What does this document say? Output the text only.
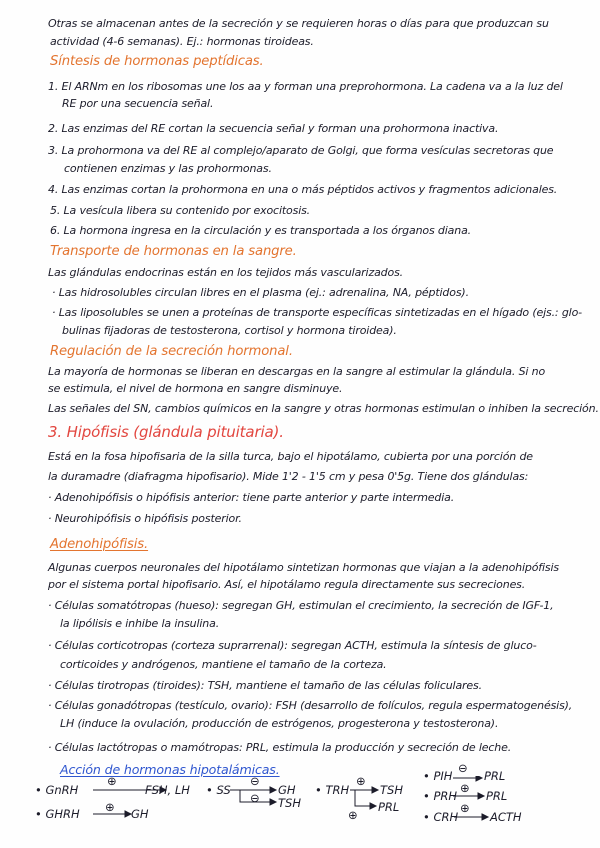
Otras se almacenan antes de la secreción y se requieren horas o días para que produzcan su
actividad (4-6 semanas). Ej.: hormonas tiroideas.
Síntesis de hormonas peptídicas.
1. El ARNm en los ribosomas une los aa y forman una preprohormona. La cadena va a la luz del
RE por una secuencia señal.
2. Las enzimas del RE cortan la secuencia señal y forman una prohormona inactiva.
3. La prohormona va del RE al complejo/aparato de Golgi, que forma vesículas secretoras que
contienen enzimas y las prohormonas.
4. Las enzimas cortan la prohormona en una o más péptidos activos y fragmentos adicionales.
5. La vesícula libera su contenido por exocitosis.
6. La hormona ingresa en la circulación y es transportada a los órganos diana.
Transporte de hormonas en la sangre.
Las glándulas endocrinas están en los tejidos más vascularizados.
· Las hidrosolubles circulan libres en el plasma (ej.: adrenalina, NA, péptidos).
· Las liposolubles se unen a proteínas de transporte específicas sintetizadas en el hígado (ejs.: glo-
bulinas fijadoras de testosterona, cortisol y hormona tiroidea).
Regulación de la secreción hormonal.
La mayoría de hormonas se liberan en descargas en la sangre al estimular la glándula. Si no
se estimula, el nivel de hormona en sangre disminuye.
Las señales del SN, cambios químicos en la sangre y otras hormonas estimulan o inhiben la secreción.
3. Hipófisis (glándula pituitaria).
Está en la fosa hipofisaria de la silla turca, bajo el hipotálamo, cubierta por una porción de
la duramadre (diafragma hipofisario). Mide 1'2 - 1'5 cm y pesa 0'5g. Tiene dos glándulas:
· Adenohipófisis o hipófisis anterior: tiene parte anterior y parte intermedia.
· Neurohipófisis o hipófisis posterior.
Adenohipófisis.
Algunas cuerpos neuronales del hipotálamo sintetizan hormonas que viajan a la adenohipófisis
por el sistema portal hipofisario. Así, el hipotálamo regula directamente sus secreciones.
· Células somatótropas (hueso): segregan GH, estimulan el crecimiento, la secreción de IGF-1,
la lipólisis e inhibe la insulina.
· Células corticotropas (corteza suprarrenal): segregan ACTH, estimula la síntesis de gluco-
corticoides y andrógenos, mantiene el tamaño de la corteza.
· Células tirotropas (tiroides): TSH, mantiene el tamaño de las células foliculares.
· Células gonadótropas (testículo, ovario): FSH (desarrollo de folículos, regula espermatogenésis),
LH (induce la ovulación, producción de estrógenos, progesterona y testosterona).
· Células lactótropas o mamótropas: PRL, estimula la producción y secreción de leche.
Acción de hormonas hipotalámicas.
• GnRH
⊕
FSH, LH
• GHRH ⊕ GH
• SS
⊖
GH
⊖ TSH
• TRH
⊕
TSH
PRL
⊕
• PIH
⊖
PRL
• PRH
⊕
PRL
• CRH
⊕
ACTH
